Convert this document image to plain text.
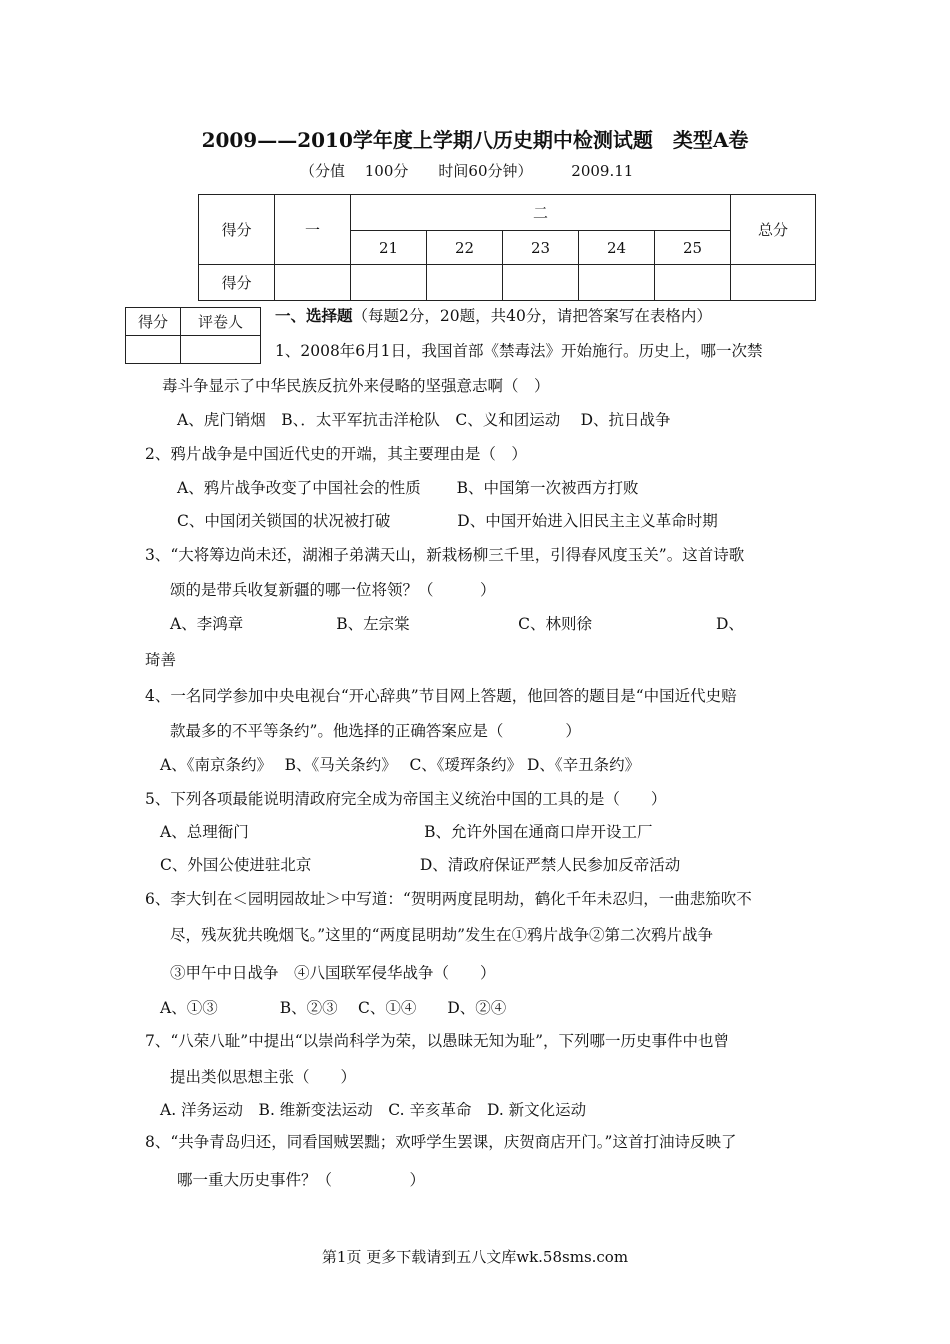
2009——2010学年度上学期八历史期中检测试题　类型A卷
（分值　 100分　　时间60分钟）	2009.11
得分	一	二					总分
		21	22	23	24	25	
得分							
得分	评卷人
	一、选择题（每题2分，20题，共40分，请把答案写在表格内）
1、2008年6月1日，我国首部《禁毒法》开始施行。历史上，哪一次禁
毒斗争显示了中华民族反抗外来侵略的坚强意志啊（　）
A、虎门销烟　B、．太平军抗击洋枪队　C、义和团运动　 D、抗日战争
2、鸦片战争是中国近代史的开端，其主要理由是（　）
A、鸦片战争改变了中国社会的性质　　 B、中国第一次被西方打败
C、中国闭关锁国的状况被打破　　　　 D、中国开始进入旧民主主义革命时期
3、“大将筹边尚未还，湖湘子弟满天山，新栽杨柳三千里，引得春风度玉关”。这首诗歌
颂的是带兵收复新疆的哪一位将领？（　　　）
A、李鸿章　　　　　　B、左宗棠　　　　　　　C、林则徐　　　　　　　　D、
琦善
4、一名同学参加中央电视台“开心辞典”节目网上答题，他回答的题目是“中国近代史赔
款最多的不平等条约”。他选择的正确答案应是（　　　　）
A、《南京条约》　 B、《马关条约》　 C、《瑷珲条约》 D、《辛丑条约》
5、下列各项最能说明清政府完全成为帝国主义统治中国的工具的是（　　）
A、总理衙门　　　　　　　　　　　 B、允许外国在通商口岸开设工厂
C、外国公使进驻北京　　　　　　　D、清政府保证严禁人民参加反帝活动
6、李大钊在＜园明园故址＞中写道：“贺明两度昆明劫，鹤化千年未忍归，一曲悲笳吹不
尽，残灰犹共晚烟飞。”这里的“两度昆明劫”发生在①鸦片战争②第二次鸦片战争
③甲午中日战争　④八国联军侵华战争（　　）
A、①③　　　　B、②③　 C、①④　　D、②④
7、“八荣八耻”中提出“以崇尚科学为荣，以愚昧无知为耻”，下列哪一历史事件中也曾
提出类似思想主张（　　）
A. 洋务运动　B. 维新变法运动　C. 辛亥革命　D. 新文化运动
8、“共争青岛归还，同看国贼罢黜；欢呼学生罢课，庆贺商店开门。”这首打油诗反映了
哪一重大历史事件？（　　　　　）
第1页 更多下载请到五八文库wk.58sms.com
